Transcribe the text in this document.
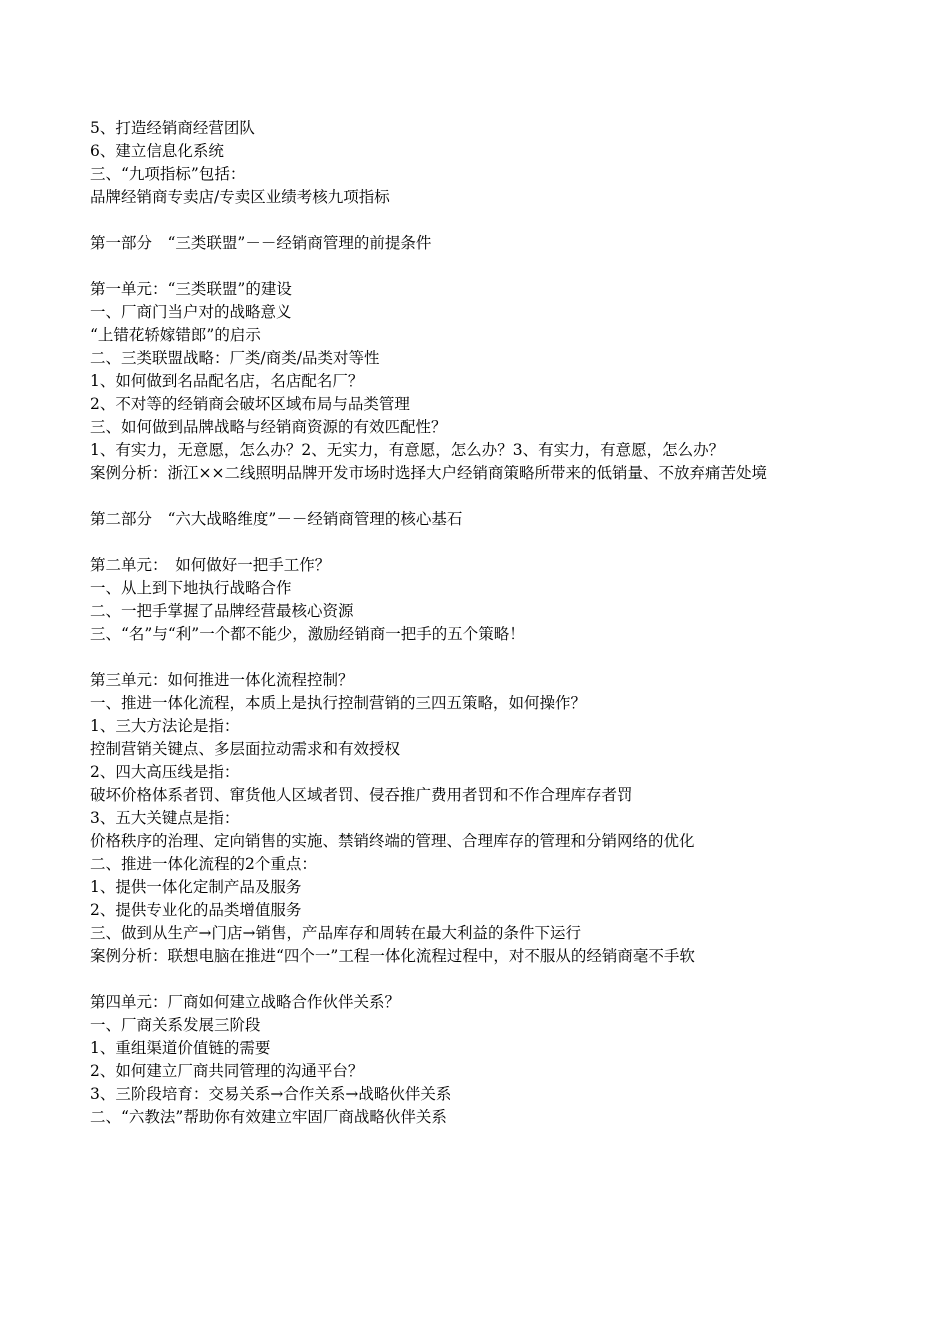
5、打造经销商经营团队

6、建立信息化系统

三、“九项指标”包括：

品牌经销商专卖店/专卖区业绩考核九项指标

第一部分　“三类联盟”－－经销商管理的前提条件

第一单元：“三类联盟”的建设

一、厂商门当户对的战略意义

“上错花轿嫁错郎”的启示

二、三类联盟战略：厂类/商类/品类对等性

1、如何做到名品配名店，名店配名厂？

2、不对等的经销商会破坏区域布局与品类管理

三、如何做到品牌战略与经销商资源的有效匹配性？

1、有实力，无意愿，怎么办？2、无实力，有意愿，怎么办？3、有实力，有意愿，怎么办？

案例分析：浙江××二线照明品牌开发市场时选择大户经销商策略所带来的低销量、不放弃痛苦处境

第二部分　“六大战略维度”－－经销商管理的核心基石

第二单元：　如何做好一把手工作？

一、从上到下地执行战略合作

二、一把手掌握了品牌经营最核心资源

三、“名”与“利”一个都不能少，激励经销商一把手的五个策略！

第三单元：如何推进一体化流程控制？

一、推进一体化流程，本质上是执行控制营销的三四五策略，如何操作？

1、三大方法论是指：

控制营销关键点、多层面拉动需求和有效授权

2、四大高压线是指：

破坏价格体系者罚、窜货他人区域者罚、侵吞推广费用者罚和不作合理库存者罚

3、五大关键点是指：

价格秩序的治理、定向销售的实施、禁销终端的管理、合理库存的管理和分销网络的优化

二、推进一体化流程的2个重点：

1、提供一体化定制产品及服务

2、提供专业化的品类增值服务

三、做到从生产→门店→销售，产品库存和周转在最大利益的条件下运行

案例分析：联想电脑在推进“四个一”工程一体化流程过程中，对不服从的经销商毫不手软

第四单元：厂商如何建立战略合作伙伴关系？

一、厂商关系发展三阶段

1、重组渠道价值链的需要

2、如何建立厂商共同管理的沟通平台？

3、三阶段培育：交易关系→合作关系→战略伙伴关系

二、“六教法”帮助你有效建立牢固厂商战略伙伴关系
